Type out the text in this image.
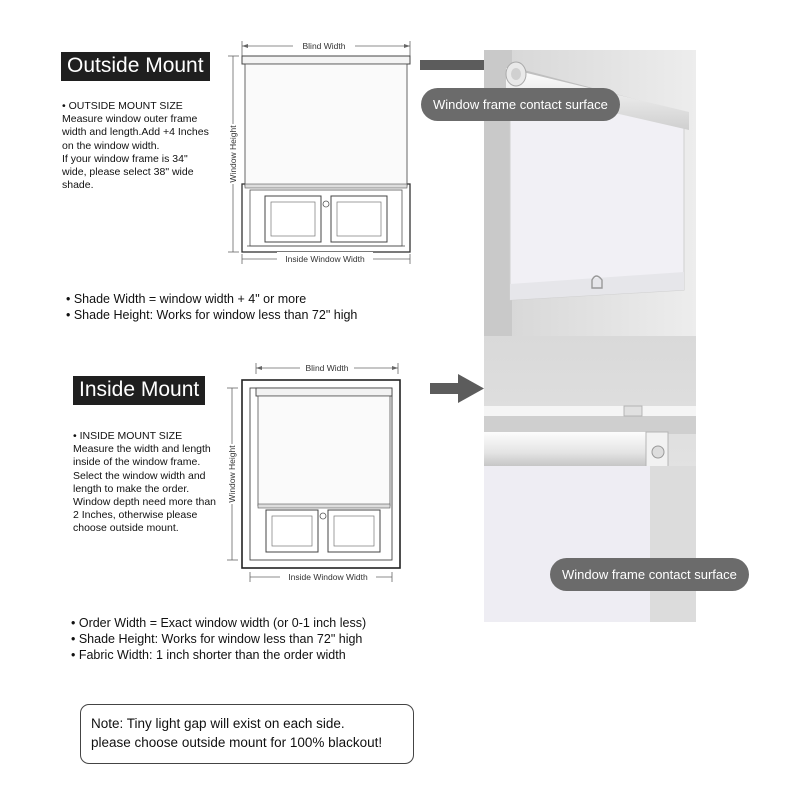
Outside Mount
• OUTSIDE MOUNT SIZE
Measure window outer frame
width and length.Add +4 Inches
on the window width.
If your window frame is 34"
wide, please select 38" wide
shade.
Blind Width
Window Height
Inside Window Width
• Shade Width = window width + 4" or more
• Shade Height: Works for window less than 72" high
Window frame contact surface
Inside Mount
• INSIDE MOUNT SIZE
Measure the width and length
inside of the window frame.
Select the window width and
length to make the order.
Window depth need more than
2 Inches, otherwise please
choose outside mount.
Blind Width
Window Height
Inside Window Width
• Order Width = Exact window width (or 0-1 inch less)
• Shade Height: Works for window less than 72" high
• Fabric Width: 1 inch shorter than the order width
Window frame contact surface
Note: Tiny light gap will exist on each side.
please choose outside mount for 100% blackout!
